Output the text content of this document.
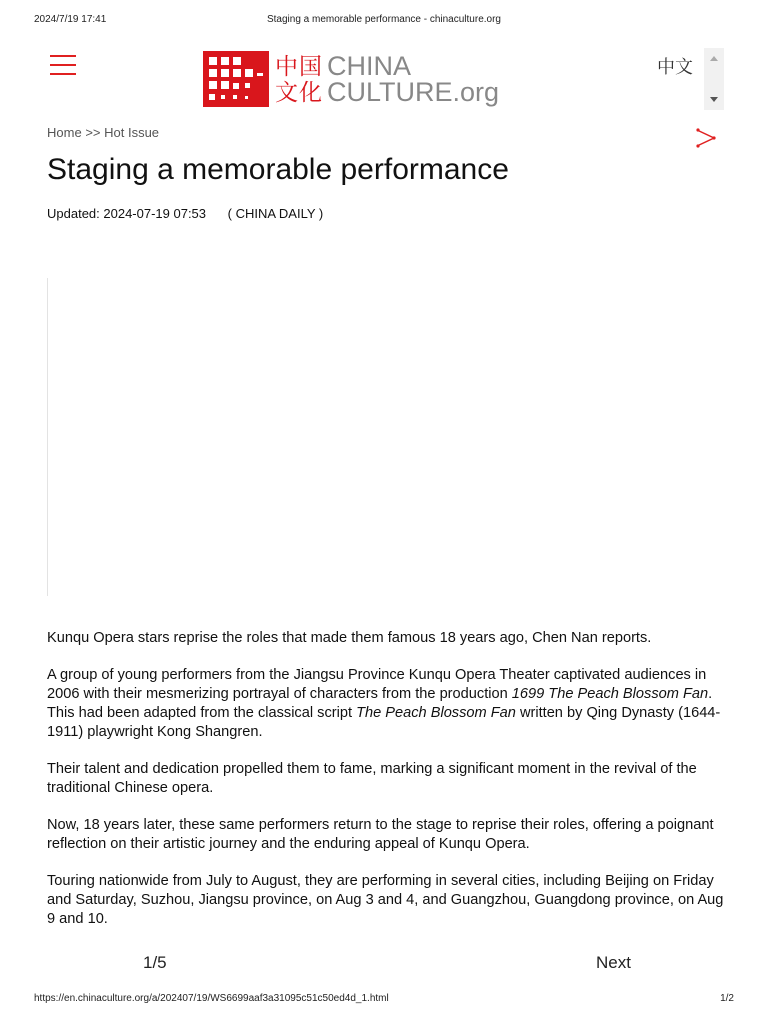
2024/7/19 17:41	Staging a memorable performance - chinaculture.org
中国文化
CHINA
CULTURE.org
中文
Home >> Hot Issue
Staging a memorable performance
Updated: 2024-07-19 07:53 ( CHINA DAILY )

Kunqu Opera stars reprise the roles that made them famous 18 years ago, Chen Nan reports.

A group of young performers from the Jiangsu Province Kunqu Opera Theater captivated audiences in 2006 with their mesmerizing portrayal of characters from the production 1699 The Peach Blossom Fan. This had been adapted from the classical script The Peach Blossom Fan written by Qing Dynasty (1644-1911) playwright Kong Shangren.

Their talent and dedication propelled them to fame, marking a significant moment in the revival of the traditional Chinese opera.

Now, 18 years later, these same performers return to the stage to reprise their roles, offering a poignant reflection on their artistic journey and the enduring appeal of Kunqu Opera.

Touring nationwide from July to August, they are performing in several cities, including Beijing on Friday and Saturday, Suzhou, Jiangsu province, on Aug 3 and 4, and Guangzhou, Guangdong province, on Aug 9 and 10.

1/5	Next
https://en.chinaculture.org/a/202407/19/WS6699aaf3a31095c51c50ed4d_1.html	1/2
